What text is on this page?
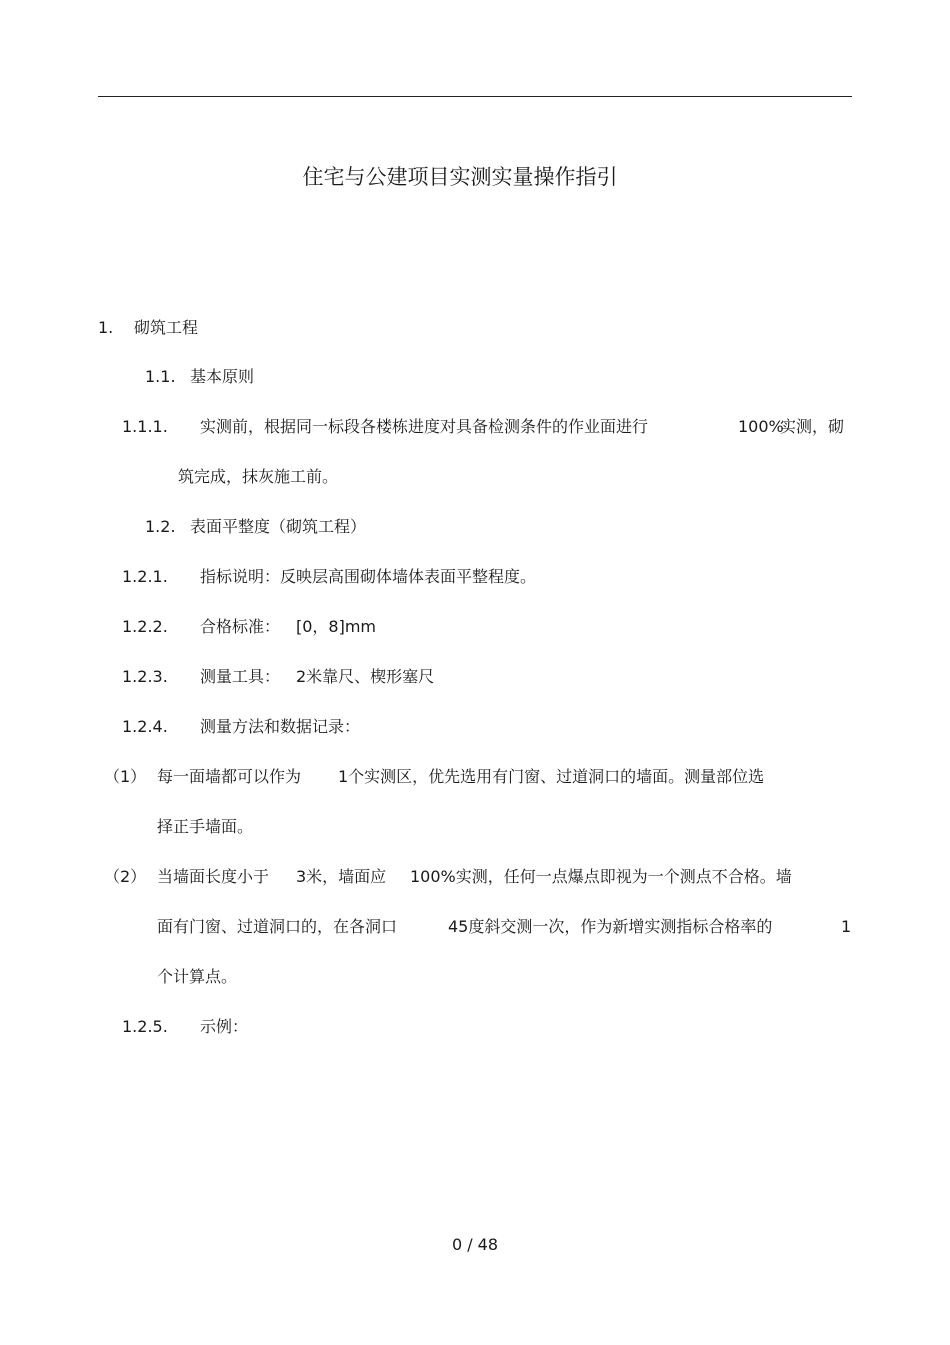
住宅与公建项目实测实量操作指引
1. 砌筑工程
1.1. 基本原则
1.1.1. 实测前，根据同一标段各楼栋进度对具备检测条件的作业面进行	100%
实测，砌
筑完成，抹灰施工前。
1.2. 表面平整度（砌筑工程）
1.2.1. 指标说明：反映层高围砌体墙体表面平整程度。
1.2.2. 合格标准： [0，8]mm
1.2.3. 测量工具： 2米靠尺、楔形塞尺
1.2.4. 测量方法和数据记录：
（1） 每一面墙都可以作为 1个实测区，优先选用有门窗、过道洞口的墙面。测量部位选
择正手墙面。
（2） 当墙面长度小于 3米，墙面应 100%实测，任何一点爆点即视为一个测点不合格。墙
面有门窗、过道洞口的，在各洞口	45度斜交测一次，作为新增实测指标合格率的	1
个计算点。
1.2.5. 示例：
0 / 48
